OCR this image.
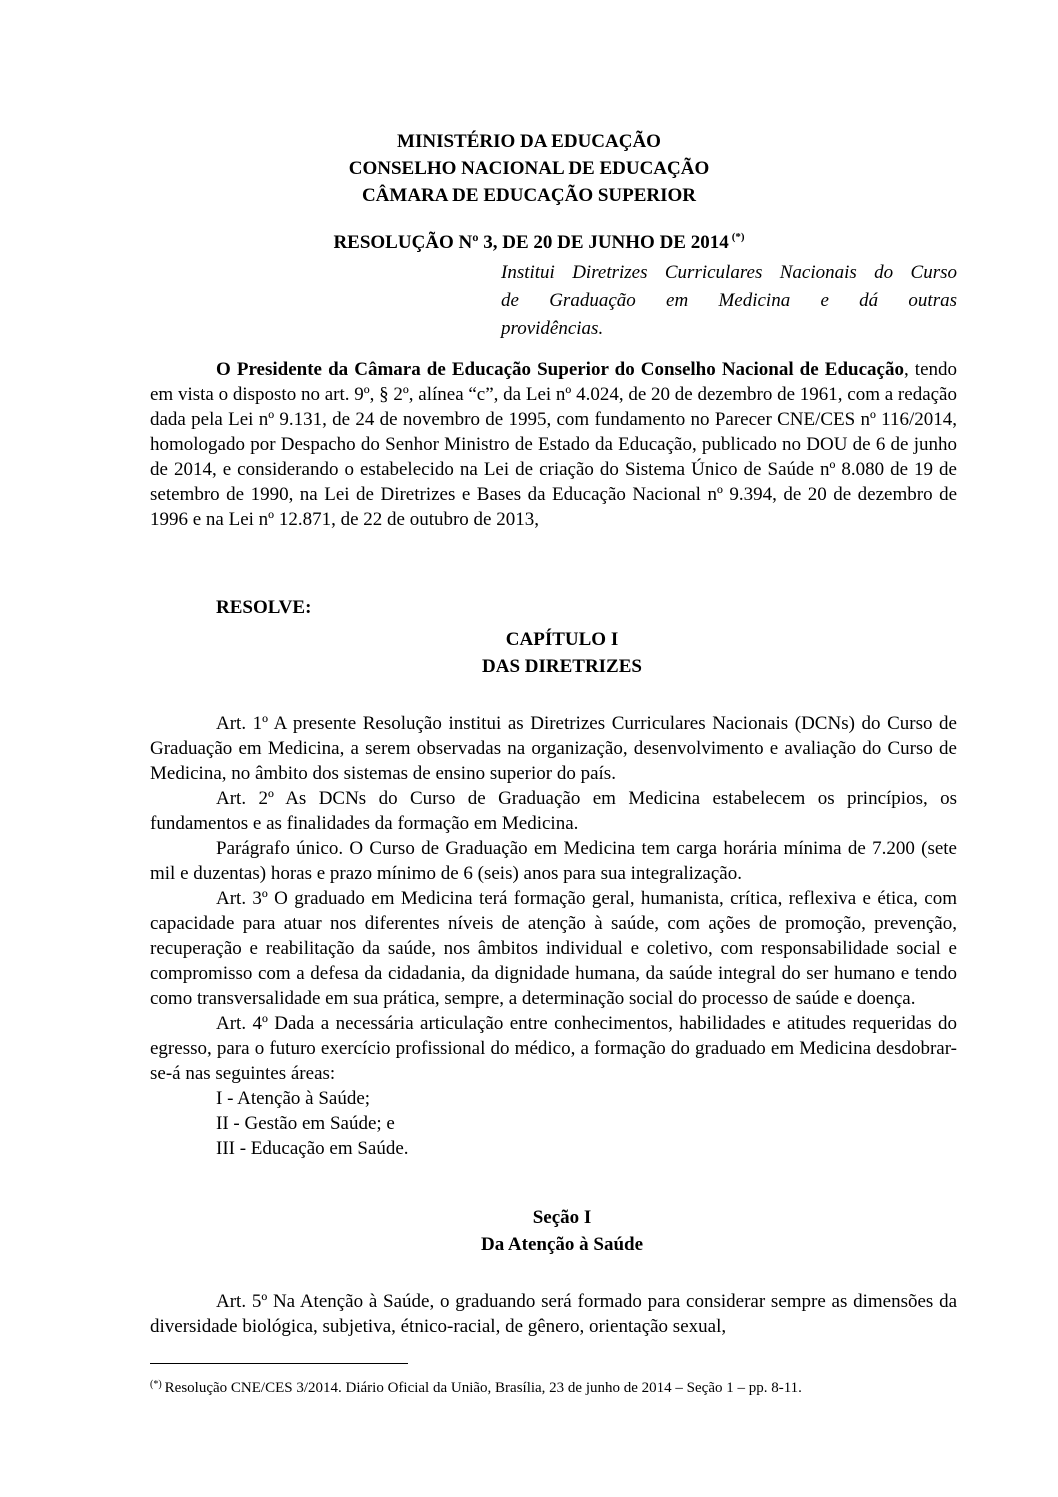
MINISTÉRIO DA EDUCAÇÃO
CONSELHO NACIONAL DE EDUCAÇÃO
CÂMARA DE EDUCAÇÃO SUPERIOR
RESOLUÇÃO Nº 3, DE 20 DE JUNHO DE 2014 (*)
Institui Diretrizes Curriculares Nacionais do Curso
de Graduação em Medicina e dá outras
providências.
O Presidente da Câmara de Educação Superior do Conselho Nacional de Educação, tendo em vista o disposto no art. 9º, § 2º, alínea “c”, da Lei nº 4.024, de 20 de dezembro de 1961, com a redação dada pela Lei nº 9.131, de 24 de novembro de 1995, com fundamento no Parecer CNE/CES nº 116/2014, homologado por Despacho do Senhor Ministro de Estado da Educação, publicado no DOU de 6 de junho de 2014, e considerando o estabelecido na Lei de criação do Sistema Único de Saúde nº 8.080 de 19 de setembro de 1990, na Lei de Diretrizes e Bases da Educação Nacional nº 9.394, de 20 de dezembro de 1996 e na Lei nº 12.871, de 22 de outubro de 2013,
RESOLVE:
CAPÍTULO I
DAS DIRETRIZES

Art. 1º A presente Resolução institui as Diretrizes Curriculares Nacionais (DCNs) do Curso de Graduação em Medicina, a serem observadas na organização, desenvolvimento e avaliação do Curso de Medicina, no âmbito dos sistemas de ensino superior do país.

Art. 2º As DCNs do Curso de Graduação em Medicina estabelecem os princípios, os fundamentos e as finalidades da formação em Medicina.

Parágrafo único. O Curso de Graduação em Medicina tem carga horária mínima de 7.200 (sete mil e duzentas) horas e prazo mínimo de 6 (seis) anos para sua integralização.

Art. 3º O graduado em Medicina terá formação geral, humanista, crítica, reflexiva e ética, com capacidade para atuar nos diferentes níveis de atenção à saúde, com ações de promoção, prevenção, recuperação e reabilitação da saúde, nos âmbitos individual e coletivo, com responsabilidade social e compromisso com a defesa da cidadania, da dignidade humana, da saúde integral do ser humano e tendo como transversalidade em sua prática, sempre, a determinação social do processo de saúde e doença.

Art. 4º Dada a necessária articulação entre conhecimentos, habilidades e atitudes requeridas do egresso, para o futuro exercício profissional do médico, a formação do graduado em Medicina desdobrar-se-á nas seguintes áreas:

I - Atenção à Saúde;

II - Gestão em Saúde; e

III - Educação em Saúde.

Seção I
Da Atenção à Saúde
Art. 5º Na Atenção à Saúde, o graduando será formado para considerar sempre as dimensões da diversidade biológica, subjetiva, étnico-racial, de gênero, orientação sexual,
(*) Resolução CNE/CES 3/2014. Diário Oficial da União, Brasília, 23 de junho de 2014 – Seção 1 – pp. 8-11.
